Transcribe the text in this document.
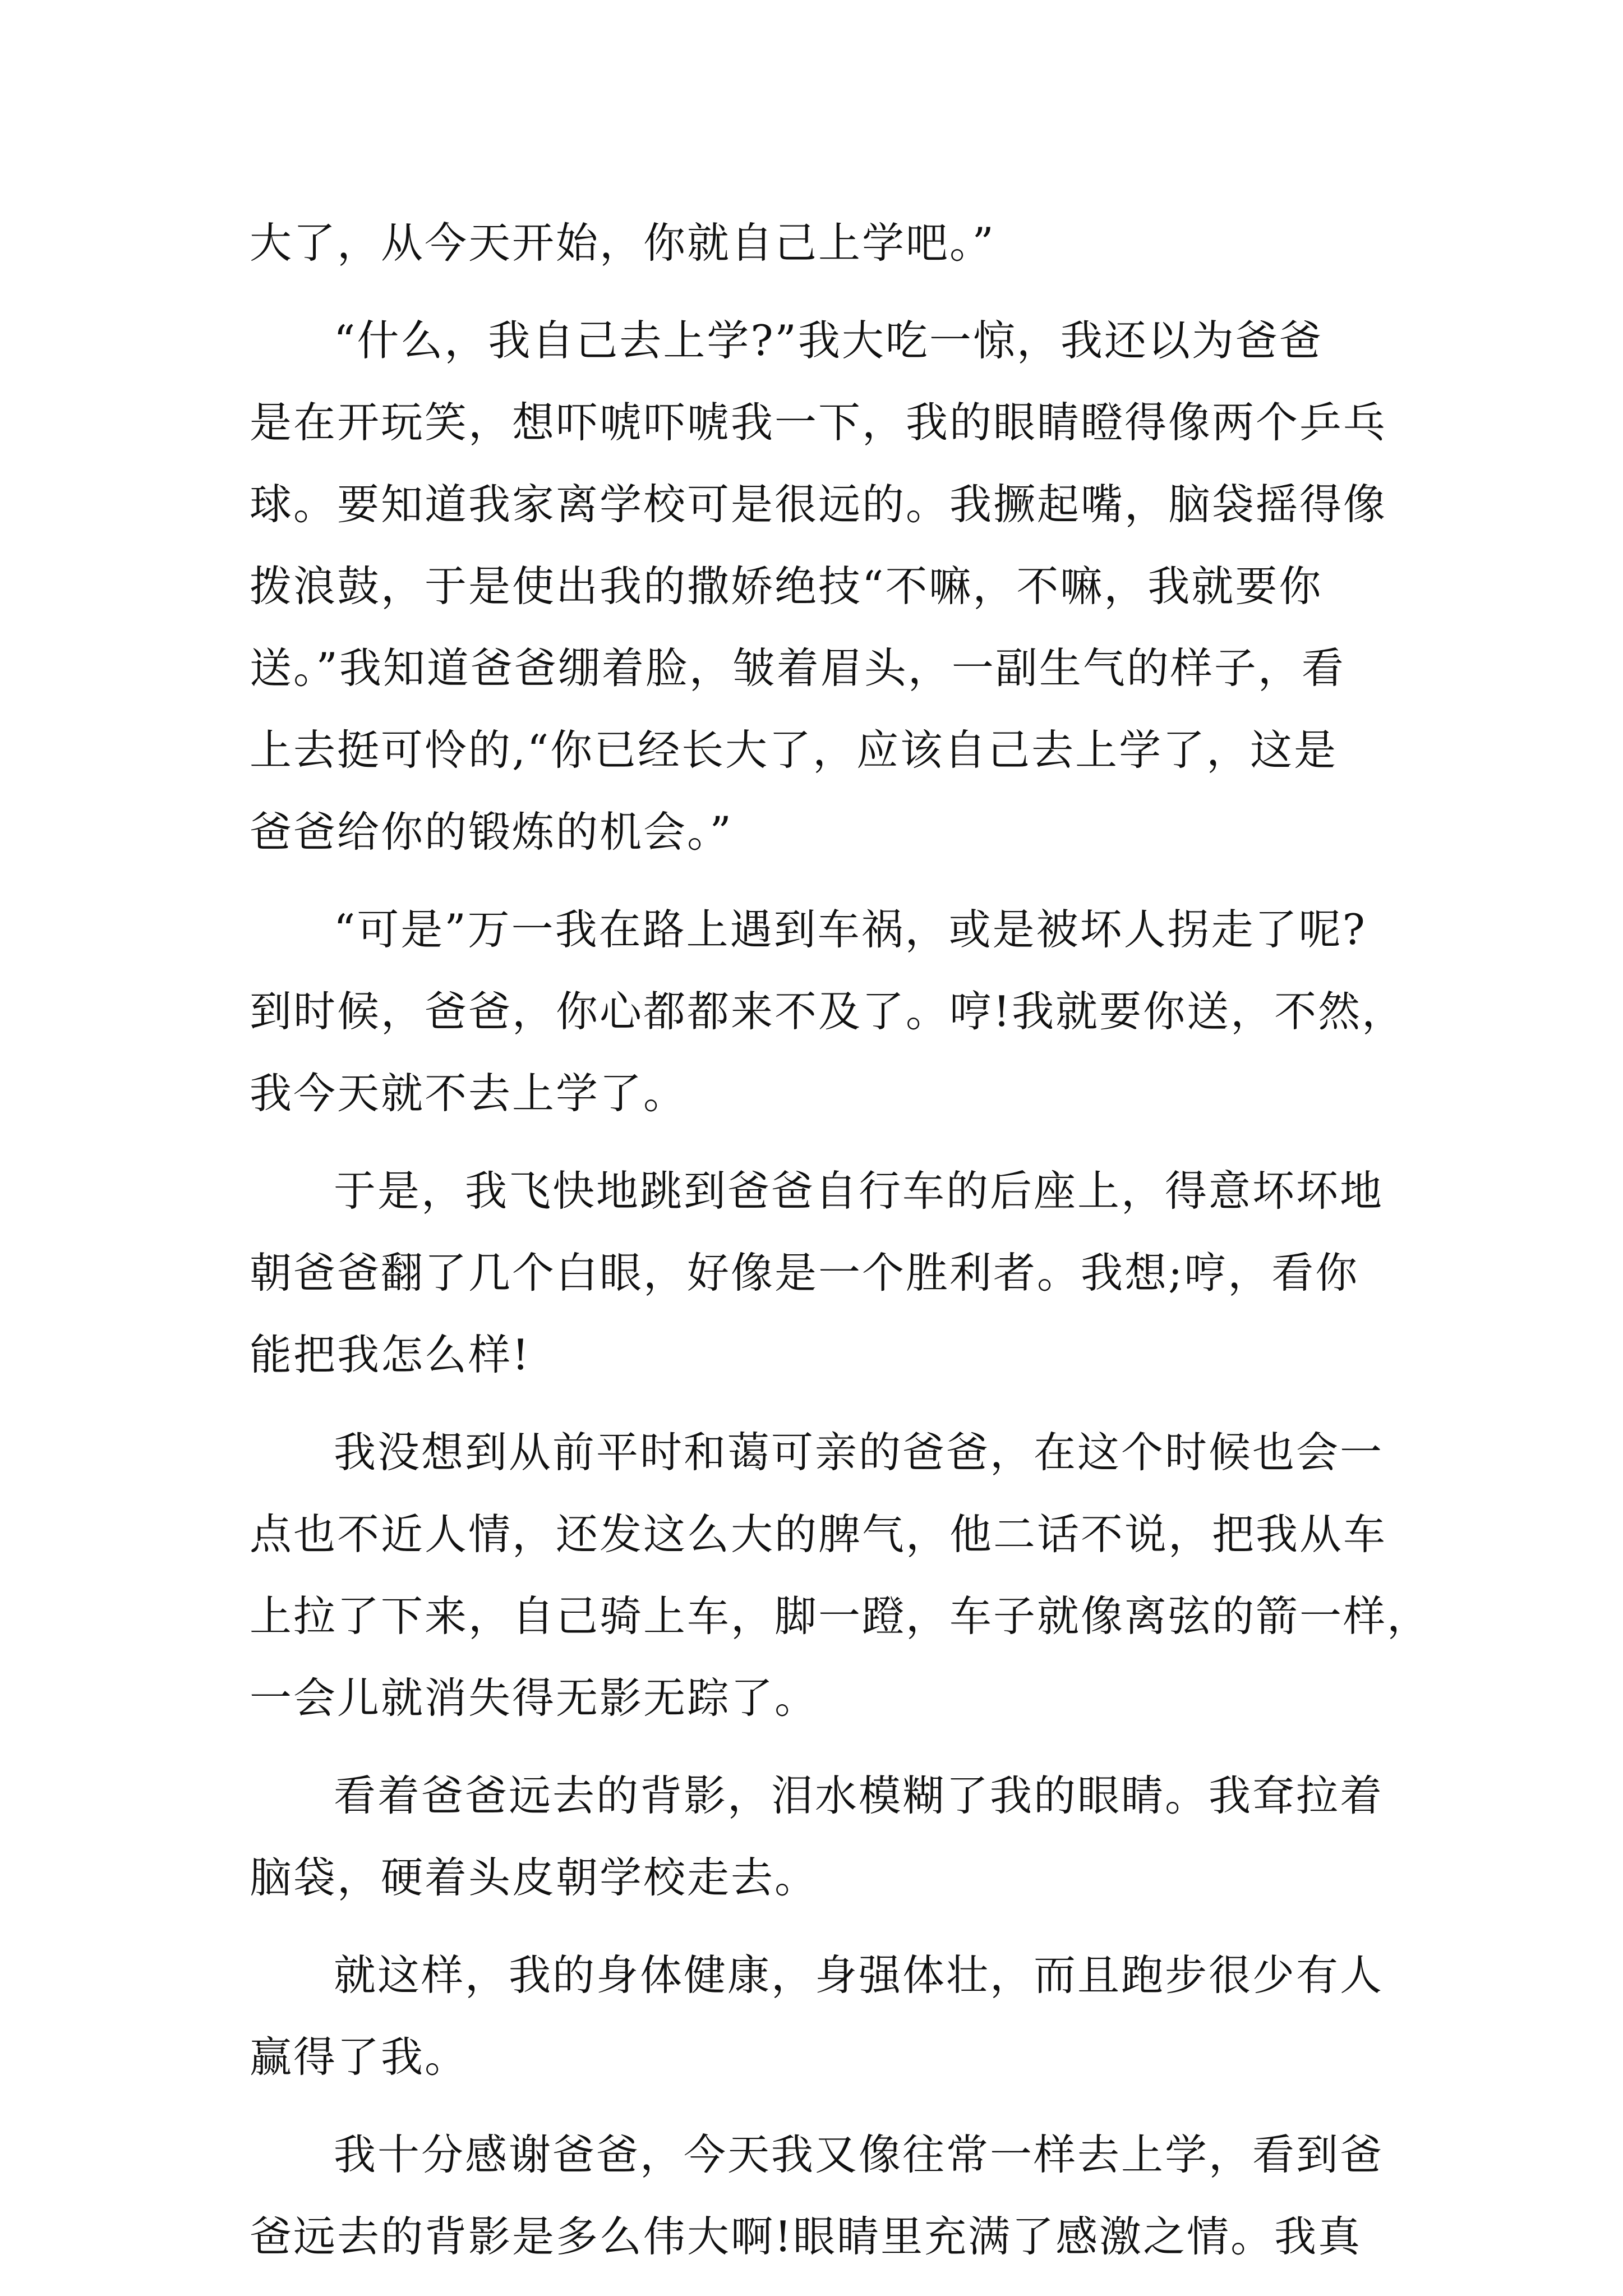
大了，从今天开始，你就自己上学吧。”
“什么，我自己去上学?”我大吃一惊，我还以为爸爸
是在开玩笑，想吓唬吓唬我一下，我的眼睛瞪得像两个乒乓
球。要知道我家离学校可是很远的。我撅起嘴，脑袋摇得像
拨浪鼓，于是使出我的撒娇绝技“不嘛，不嘛，我就要你
送。”我知道爸爸绷着脸，皱着眉头，一副生气的样子，看
上去挺可怜的,“你已经长大了，应该自己去上学了，这是
爸爸给你的锻炼的机会。”
“可是”万一我在路上遇到车祸，或是被坏人拐走了呢?
到时候，爸爸，你心都都来不及了。哼!我就要你送，不然，
我今天就不去上学了。
于是，我飞快地跳到爸爸自行车的后座上，得意坏坏地
朝爸爸翻了几个白眼，好像是一个胜利者。我想;哼，看你
能把我怎么样!
我没想到从前平时和蔼可亲的爸爸，在这个时候也会一
点也不近人情，还发这么大的脾气，他二话不说，把我从车
上拉了下来，自己骑上车，脚一蹬，车子就像离弦的箭一样，
一会儿就消失得无影无踪了。
看着爸爸远去的背影，泪水模糊了我的眼睛。我耷拉着
脑袋，硬着头皮朝学校走去。
就这样，我的身体健康，身强体壮，而且跑步很少有人
赢得了我。
我十分感谢爸爸，今天我又像往常一样去上学，看到爸
爸远去的背影是多么伟大啊!眼睛里充满了感激之情。我真
